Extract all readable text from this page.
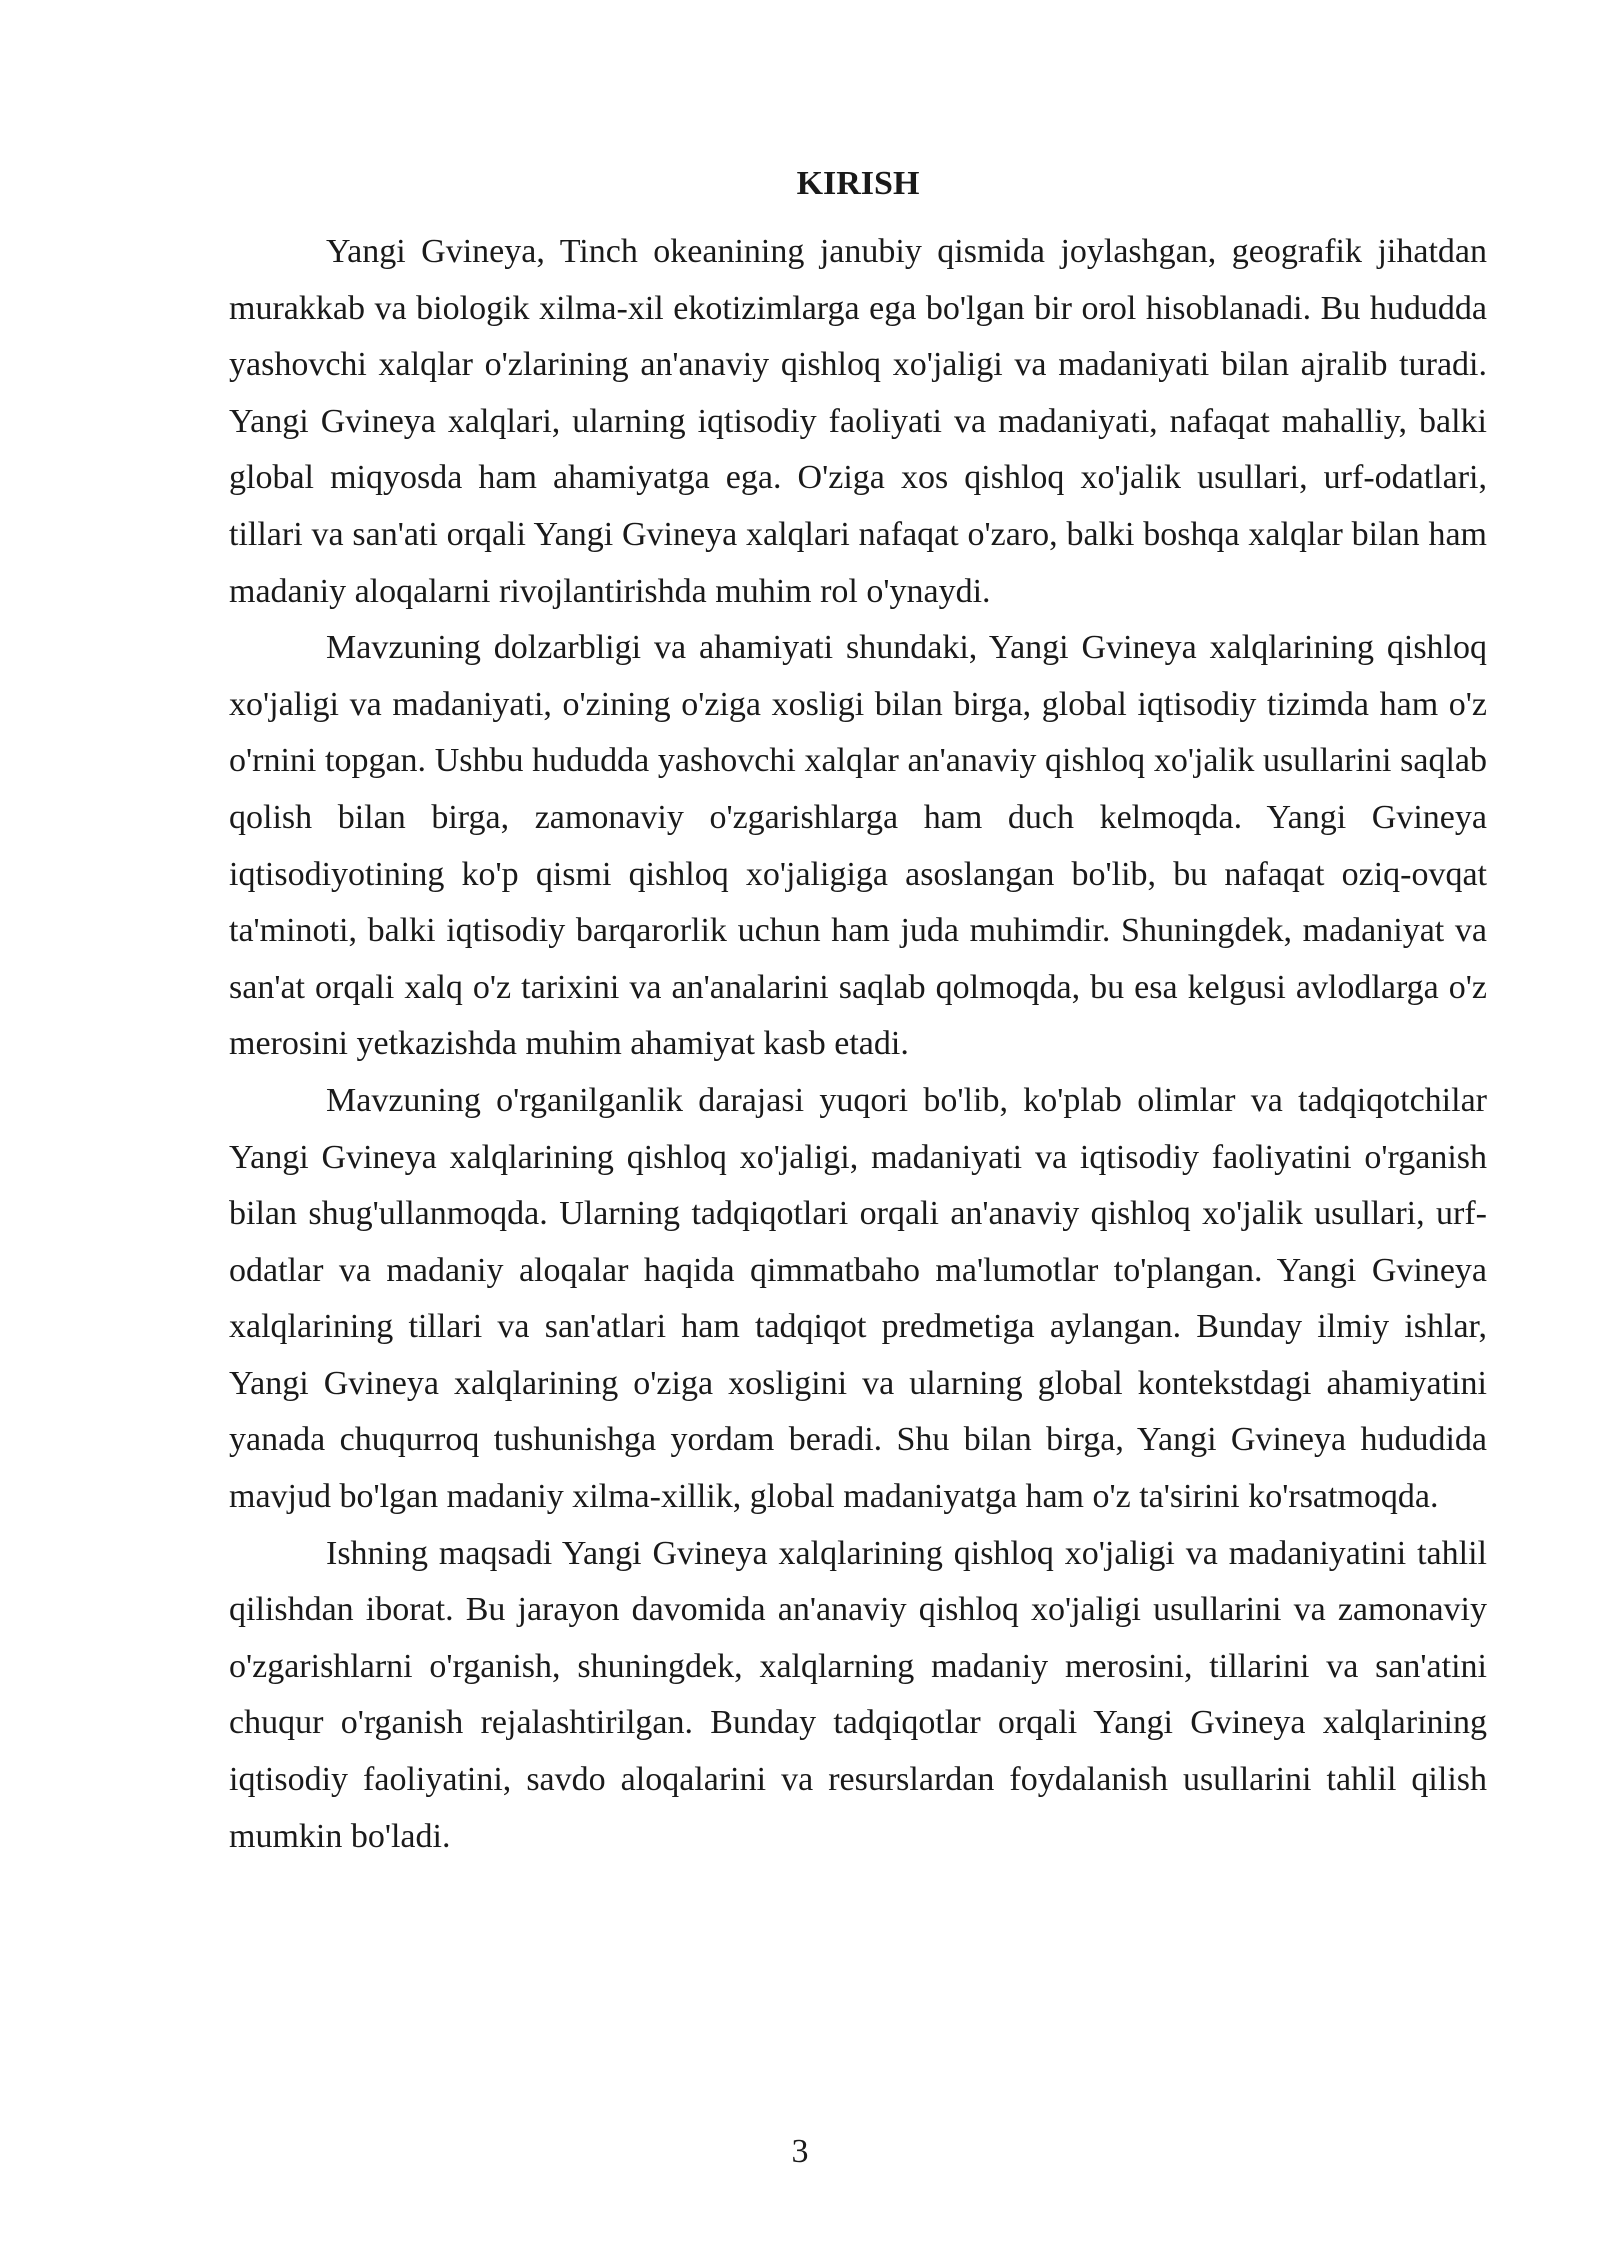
KIRISH

Yangi Gvineya, Tinch okeanining janubiy qismida joylashgan, geografik jihatdan murakkab va biologik xilma-xil ekotizimlarga ega bo'lgan bir orol hisoblanadi. Bu hududda yashovchi xalqlar o'zlarining an'anaviy qishloq xo'jaligi va madaniyati bilan ajralib turadi. Yangi Gvineya xalqlari, ularning iqtisodiy faoliyati va madaniyati, nafaqat mahalliy, balki global miqyosda ham ahamiyatga ega. O'ziga xos qishloq xo'jalik usullari, urf-odatlari, tillari va san'ati orqali Yangi Gvineya xalqlari nafaqat o'zaro, balki boshqa xalqlar bilan ham madaniy aloqalarni rivojlantirishda muhim rol o'ynaydi.

Mavzuning dolzarbligi va ahamiyati shundaki, Yangi Gvineya xalqlarining qishloq xo'jaligi va madaniyati, o'zining o'ziga xosligi bilan birga, global iqtisodiy tizimda ham o'z o'rnini topgan. Ushbu hududda yashovchi xalqlar an'anaviy qishloq xo'jalik usullarini saqlab qolish bilan birga, zamonaviy o'zgarishlarga ham duch kelmoqda. Yangi Gvineya iqtisodiyotining ko'p qismi qishloq xo'jaligiga asoslangan bo'lib, bu nafaqat oziq-ovqat ta'minoti, balki iqtisodiy barqarorlik uchun ham juda muhimdir. Shuningdek, madaniyat va san'at orqali xalq o'z tarixini va an'analarini saqlab qolmoqda, bu esa kelgusi avlodlarga o'z merosini yetkazishda muhim ahamiyat kasb etadi.

Mavzuning o'rganilganlik darajasi yuqori bo'lib, ko'plab olimlar va tadqiqotchilar Yangi Gvineya xalqlarining qishloq xo'jaligi, madaniyati va iqtisodiy faoliyatini o'rganish bilan shug'ullanmoqda. Ularning tadqiqotlari orqali an'anaviy qishloq xo'jalik usullari, urf-odatlar va madaniy aloqalar haqida qimmatbaho ma'lumotlar to'plangan. Yangi Gvineya xalqlarining tillari va san'atlari ham tadqiqot predmetiga aylangan. Bunday ilmiy ishlar, Yangi Gvineya xalqlarining o'ziga xosligini va ularning global kontekstdagi ahamiyatini yanada chuqurroq tushunishga yordam beradi. Shu bilan birga, Yangi Gvineya hududida mavjud bo'lgan madaniy xilma-xillik, global madaniyatga ham o'z ta'sirini ko'rsatmoqda.

Ishning maqsadi Yangi Gvineya xalqlarining qishloq xo'jaligi va madaniyatini tahlil qilishdan iborat. Bu jarayon davomida an'anaviy qishloq xo'jaligi usullarini va zamonaviy o'zgarishlarni o'rganish, shuningdek, xalqlarning madaniy merosini, tillarini va san'atini chuqur o'rganish rejalashtirilgan. Bunday tadqiqotlar orqali Yangi Gvineya xalqlarining iqtisodiy faoliyatini, savdo aloqalarini va resurslardan foydalanish usullarini tahlil qilish mumkin bo'ladi.

3
